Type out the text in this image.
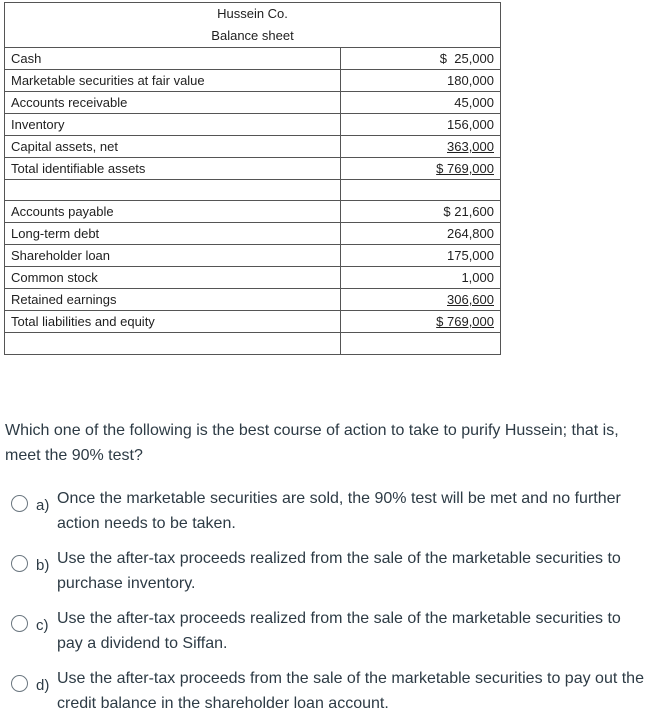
Hussein Co.	
Balance sheet	
Cash	$  25,000
Marketable securities at fair value	180,000
Accounts receivable	45,000
Inventory	156,000
Capital assets, net	363,000
Total identifiable assets	$ 769,000

Accounts payable	$ 21,600
Long-term debt	264,800
Shareholder loan	175,000
Common stock	1,000
Retained earnings	306,600
Total liabilities and equity	$ 769,000

Which one of the following is the best course of action to take to purify Hussein; that is, meet the 90% test?
a) Once the marketable securities are sold, the 90% test will be met and no further action needs to be taken.
b) Use the after-tax proceeds realized from the sale of the marketable securities to purchase inventory.
c) Use the after-tax proceeds realized from the sale of the marketable securities to pay a dividend to Siffan.
d) Use the after-tax proceeds from the sale of the marketable securities to pay out the credit balance in the shareholder loan account.
